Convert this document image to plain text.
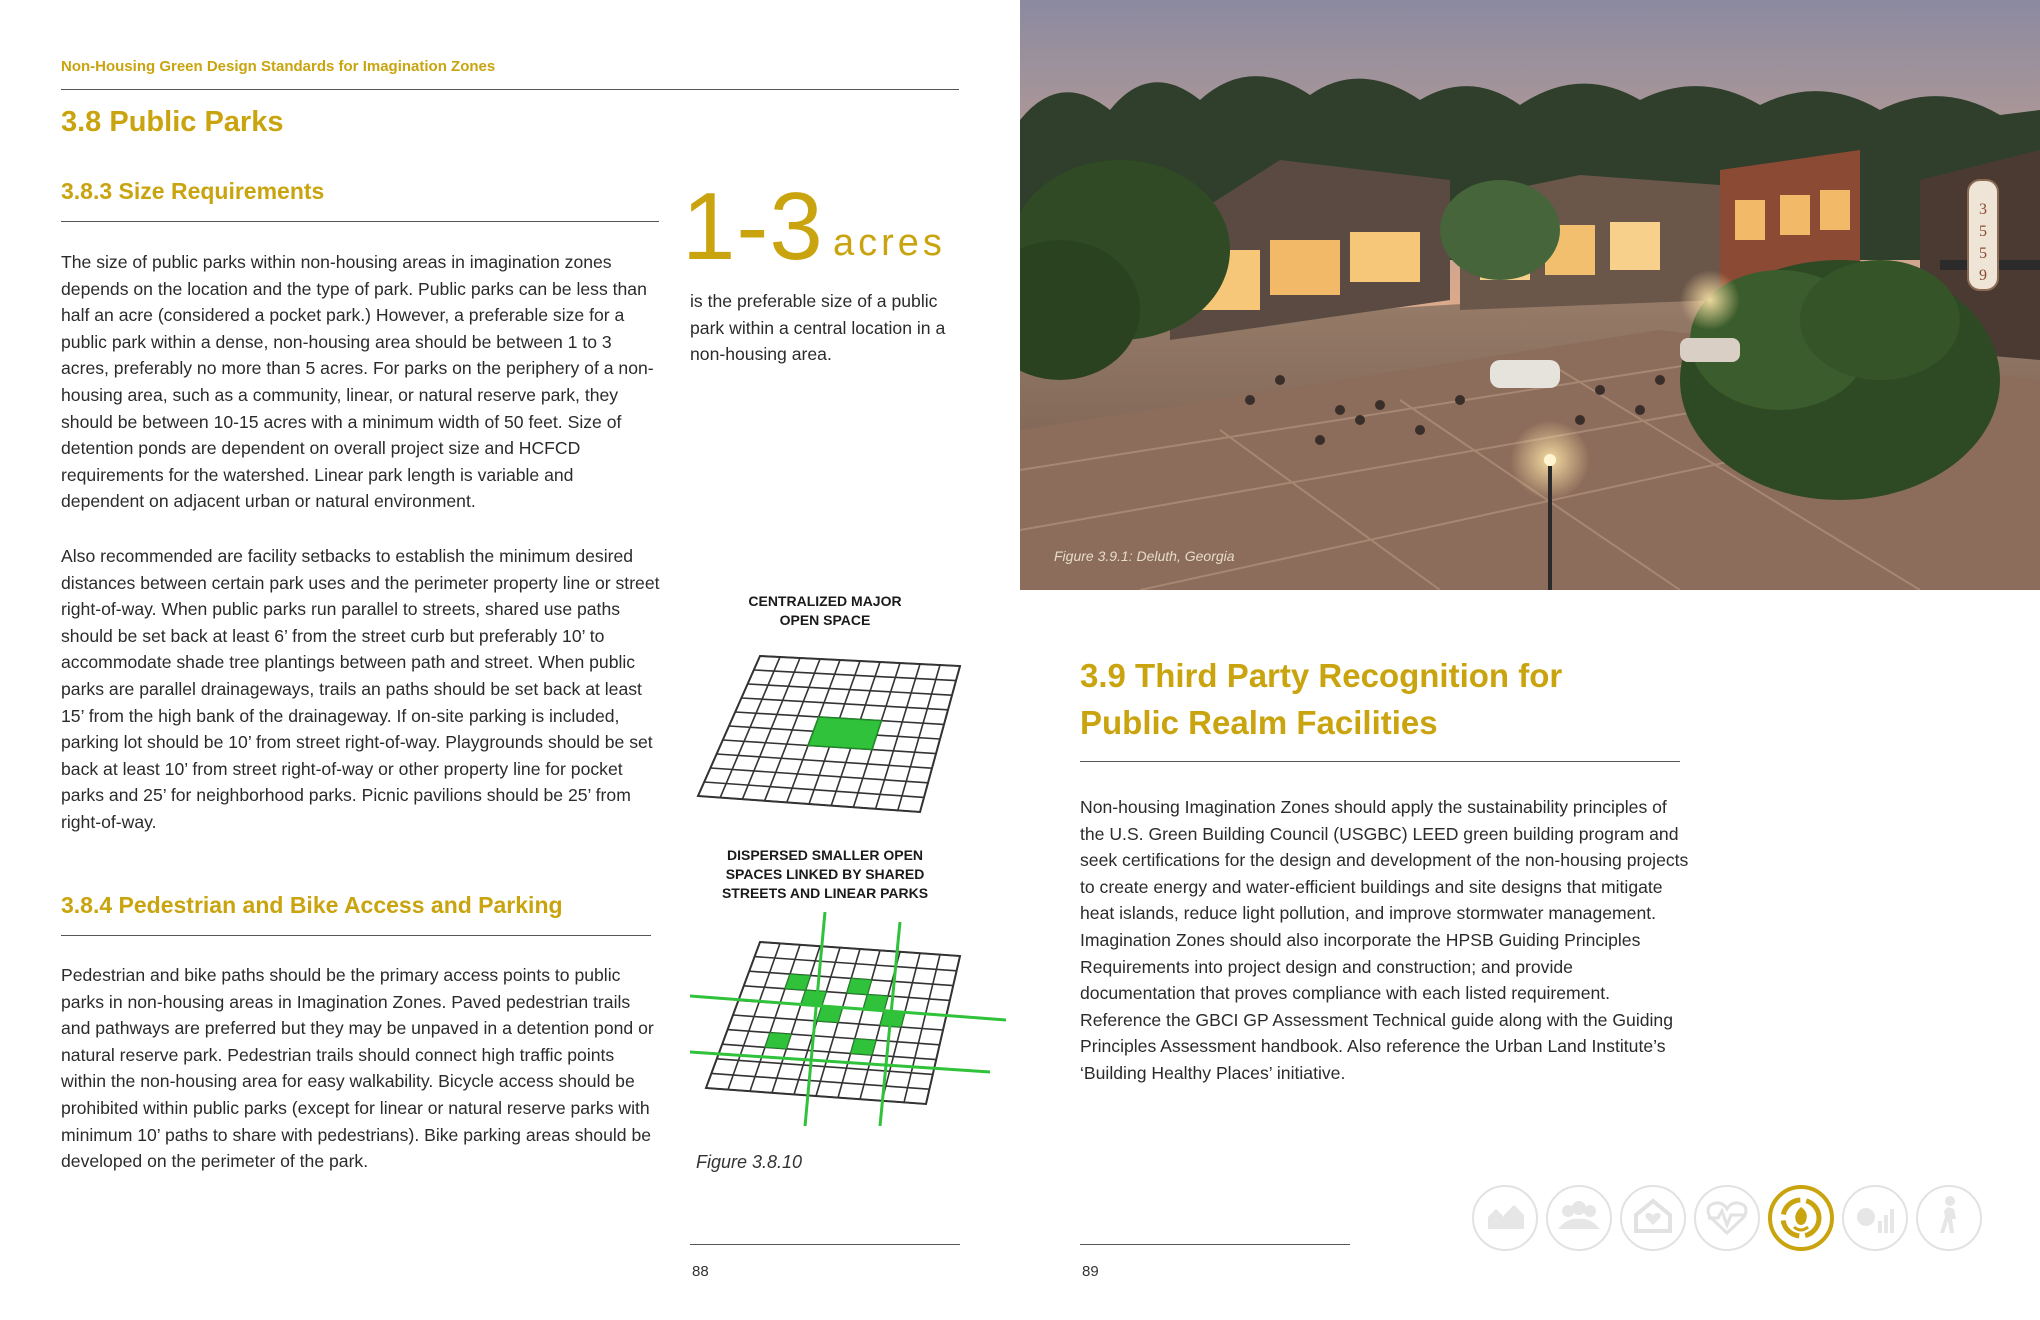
Non-Housing Green Design Standards for Imagination Zones
3.8 Public Parks
3.8.3 Size Requirements

The size of public parks within non-housing areas in imagination zones depends on the location and the type of park. Public parks can be less than half an acre (considered a pocket park.) However, a preferable size for a public park within a dense, non-housing area should be between 1 to 3 acres, preferably no more than 5 acres. For parks on the periphery of a non-housing area, such as a community, linear, or natural reserve park, they should be between 10-15 acres with a minimum width of 50 feet. Size of detention ponds are dependent on overall project size and HCFCD requirements for the watershed. Linear park length is variable and dependent on adjacent urban or natural environment.

Also recommended are facility setbacks to establish the minimum desired distances between certain park uses and the perimeter property line or street right-of-way. When public parks run parallel to streets, shared use paths should be set back at least 6’ from the street curb but preferably 10’ to accommodate shade tree plantings between path and street. When public parks are parallel drainageways, trails an paths should be set back at least 15’ from the high bank of the drainageway. If on-site parking is included, parking lot should be 10’ from street right-of-way. Playgrounds should be set back at least 10’ from street right-of-way or other property line for pocket parks and 25’ for neighborhood parks. Picnic pavilions should be 25’ from right-of-way.

3.8.4 Pedestrian and Bike Access and Parking

Pedestrian and bike paths should be the primary access points to public parks in non-housing areas in Imagination Zones. Paved pedestrian trails and pathways are preferred but they may be unpaved in a detention pond or natural reserve park. Pedestrian trails should connect high traffic points within the non-housing area for easy walkability. Bicycle access should be prohibited within public parks (except for linear or natural reserve parks with minimum 10’ paths to share with pedestrians). Bike parking areas should be developed on the perimeter of the park.

1-3 acres

is the preferable size of a public park within a central location in a non-housing area.

CENTRALIZED MAJOR
OPEN SPACE
DISPERSED SMALLER OPEN
SPACES LINKED BY SHARED
STREETS AND LINEAR PARKS
Figure 3.8.10
88
3
5
5
9
Figure 3.9.1: Deluth, Georgia
3.9 Third Party Recognition for
Public Realm Facilities

Non-housing Imagination Zones should apply the sustainability principles of the U.S. Green Building Council (USGBC) LEED green building program and seek certifications for the design and development of the non-housing projects to create energy and water-efficient buildings and site designs that mitigate heat islands, reduce light pollution, and improve stormwater management. Imagination Zones should also incorporate the HPSB Guiding Principles Requirements into project design and construction; and provide documentation that proves compliance with each listed requirement. Reference the GBCI GP Assessment Technical guide along with the Guiding Principles Assessment handbook. Also reference the Urban Land Institute’s ‘Building Healthy Places’ initiative.

89
